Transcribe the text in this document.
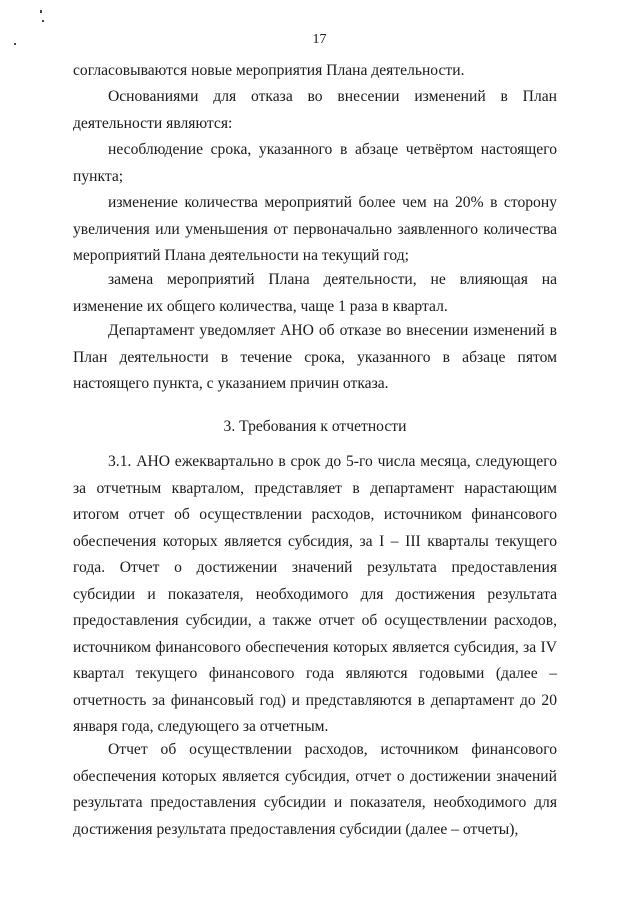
17
согласовываются новые мероприятия Плана деятельности.
Основаниями для отказа во внесении изменений в План деятельности являются:
несоблюдение срока, указанного в абзаце четвёртом настоящего пункта;
изменение количества мероприятий более чем на 20% в сторону увеличения или уменьшения от первоначально заявленного количества мероприятий Плана деятельности на текущий год;
замена мероприятий Плана деятельности, не влияющая на изменение их общего количества, чаще 1 раза в квартал.
Департамент уведомляет АНО об отказе во внесении изменений в План деятельности в течение срока, указанного в абзаце пятом настоящего пункта, с указанием причин отказа.
3. Требования к отчетности
3.1. АНО ежеквартально в срок до 5-го числа месяца, следующего за отчетным кварталом, представляет в департамент нарастающим итогом отчет об осуществлении расходов, источником финансового обеспечения которых является субсидия, за I – III кварталы текущего года. Отчет о достижении значений результата предоставления субсидии и показателя, необходимого для достижения результата предоставления субсидии, а также отчет об осуществлении расходов, источником финансового обеспечения которых является субсидия, за IV квартал текущего финансового года являются годовыми (далее – отчетность за финансовый год) и представляются в департамент до 20 января года, следующего за отчетным.
Отчет об осуществлении расходов, источником финансового обеспечения которых является субсидия, отчет о достижении значений результата предоставления субсидии и показателя, необходимого для достижения результата предоставления субсидии (далее – отчеты),
